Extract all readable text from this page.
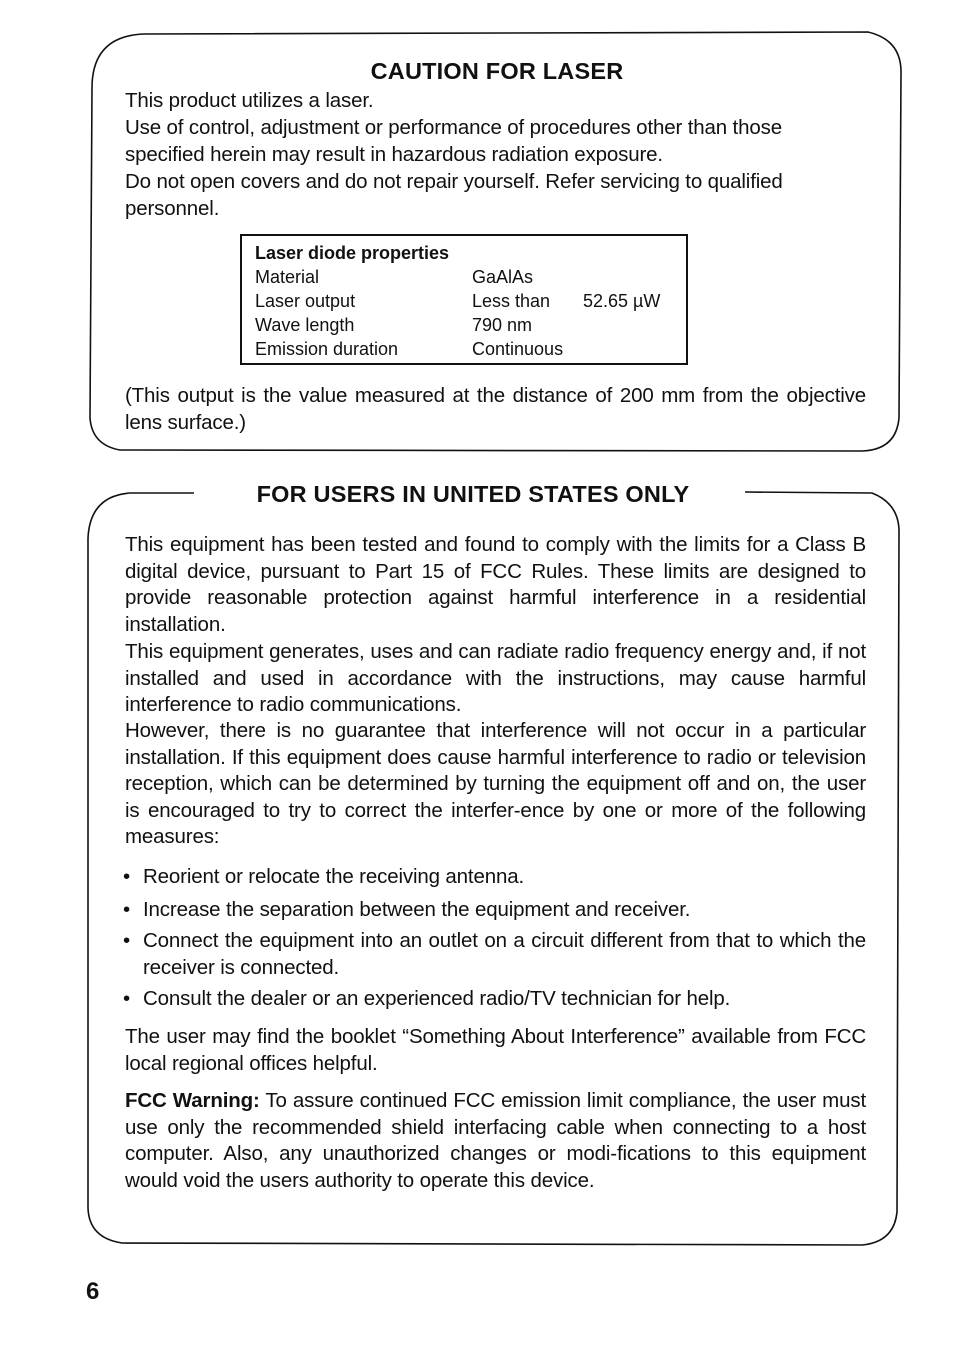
CAUTION FOR LASER

This product utilizes a laser.

Use of control, adjustment or performance of procedures other than those specified herein may result in hazardous radiation exposure.

Do not open covers and do not repair yourself. Refer servicing to qualified personnel.

Laser diode properties
Material	GaAlAs
Laser output	Less than 52.65 µW
Wave length	790 nm
Emission duration	Continuous

(This output is the value measured at the distance of 200 mm from the objective lens surface.)

FOR USERS IN UNITED STATES ONLY

This equipment has been tested and found to comply with the limits for a Class B digital device, pursuant to Part 15 of FCC Rules. These limits are designed to provide reasonable protection against harmful interference in a residential installation.

This equipment generates, uses and can radiate radio frequency energy and, if not installed and used in accordance with the instructions, may cause harmful interference to radio communications.

However, there is no guarantee that interference will not occur in a particular installation. If this equipment does cause harmful interference to radio or television reception, which can be determined by turning the equipment off and on, the user is encouraged to try to correct the interfer-ence by one or more of the following measures:

• Reorient or relocate the receiving antenna.
• Increase the separation between the equipment and receiver.
• Connect the equipment into an outlet on a circuit different from that to which the receiver is connected.
• Consult the dealer or an experienced radio/TV technician for help.

The user may find the booklet “Something About Interference” available from FCC local regional offices helpful.

FCC Warning: To assure continued FCC emission limit compliance, the user must use only the recommended shield interfacing cable when connecting to a host computer. Also, any unauthorized changes or modi-fications to this equipment would void the users authority to operate this device.

6
